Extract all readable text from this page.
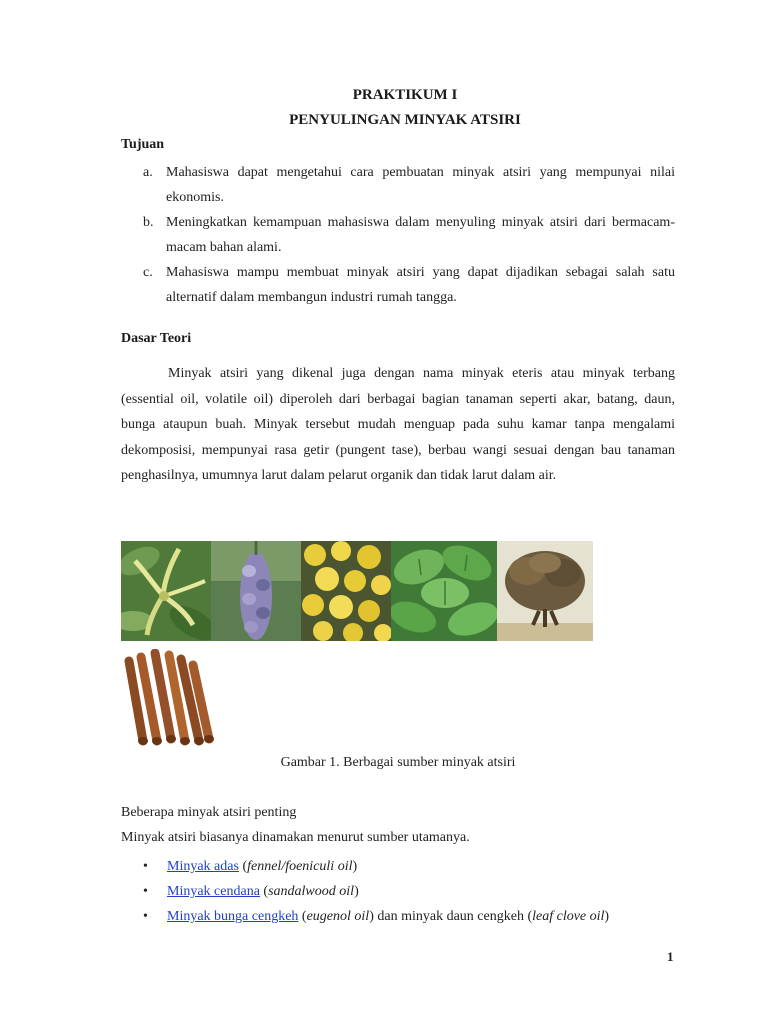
PRAKTIKUM I
PENYULINGAN MINYAK ATSIRI
Tujuan
a. Mahasiswa dapat mengetahui cara pembuatan minyak atsiri yang mempunyai nilai ekonomis.
b. Meningkatkan kemampuan mahasiswa dalam menyuling minyak atsiri dari bermacam-macam bahan alami.
c. Mahasiswa mampu membuat minyak atsiri yang dapat dijadikan sebagai salah satu alternatif dalam membangun industri rumah tangga.
Dasar Teori

Minyak atsiri yang dikenal juga dengan nama minyak eteris atau minyak terbang (essential oil, volatile oil) diperoleh dari berbagai bagian tanaman seperti akar, batang, daun, bunga ataupun buah. Minyak tersebut mudah menguap pada suhu kamar tanpa mengalami dekomposisi, mempunyai rasa getir (pungent tase), berbau wangi sesuai dengan bau tanaman penghasilnya, umumnya larut dalam pelarut organik dan tidak larut dalam air.

Gambar 1. Berbagai sumber minyak atsiri
Beberapa minyak atsiri penting
Minyak atsiri biasanya dinamakan menurut sumber utamanya.
• Minyak adas (fennel/foeniculi oil)
• Minyak cendana (sandalwood oil)
• Minyak bunga cengkeh (eugenol oil) dan minyak daun cengkeh (leaf clove oil)
1
